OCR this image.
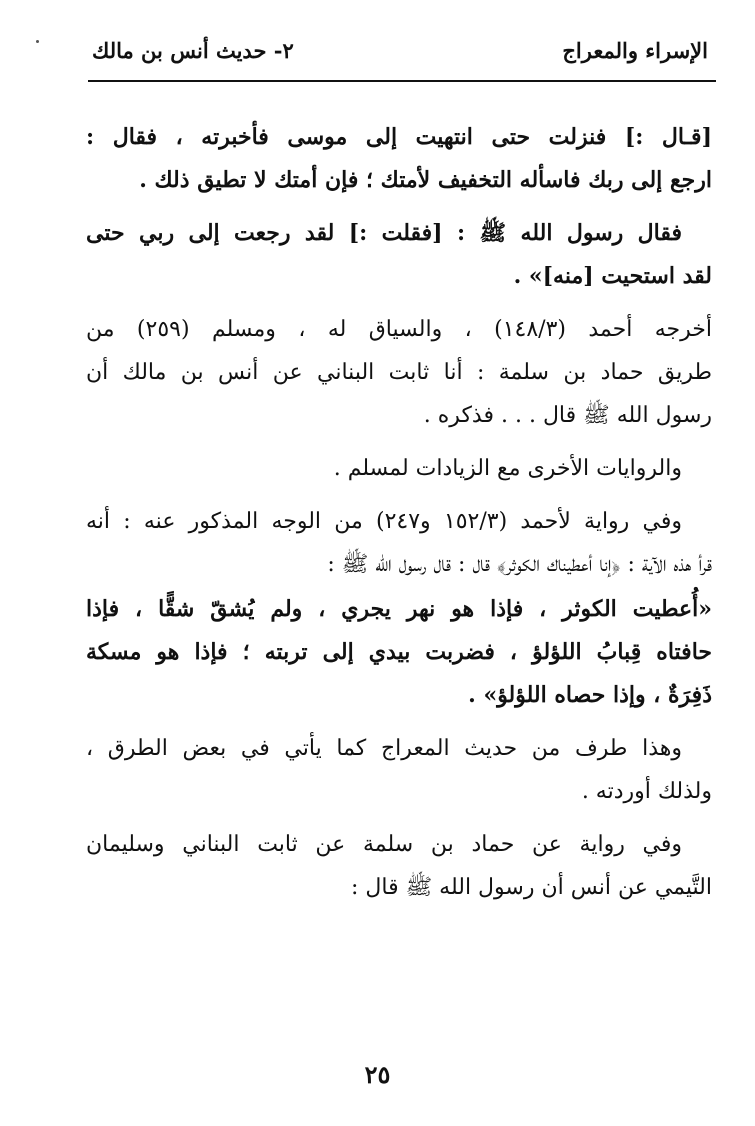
الإسراء والمعراج
٢- حديث أنس بن مالك
[قـال :] فنزلت حتى انتهيت إلى موسى فأخبرته ، فقال :
ارجع إلى ربك فاسأله التخفيف لأمتك ؛ فإن أمتك لا تطيق ذلك .
فقال رسول الله ﷺ : [فقلت :] لقد رجعت إلى ربي حتى
لقد استحيت [منه]» .
أخرجه أحمد (١٤٨/٣) ، والسياق له ، ومسلم (٢٥٩) من
طريق حماد بن سلمة : أنا ثابت البناني عن أنس بن مالك أن
رسول الله ﷺ قال . . . فذكره .
والروايات الأخرى مع الزيادات لمسلم .
وفي رواية لأحمد (١٥٢/٣ و٢٤٧) من الوجه المذكور عنه : أنه
قرأ هذه الآية : ﴿إنا أعطيناك الكوثر﴾ قال : قال رسول الله ﷺ :
«أُعطيت الكوثر ، فإذا هو نهر يجري ، ولم يُشقّ شقًّا ، فإذا
حافتاه قِبابُ اللؤلؤ ، فضربت بيدي إلى تربته ؛ فإذا هو مسكة
ذَفِرَةٌ ، وإذا حصاه اللؤلؤ» .
وهذا طرف من حديث المعراج كما يأتي في بعض الطرق ،
ولذلك أوردته .
وفي رواية عن حماد بن سلمة عن ثابت البناني وسليمان
التَّيمي عن أنس أن رسول الله ﷺ قال :
٢٥
